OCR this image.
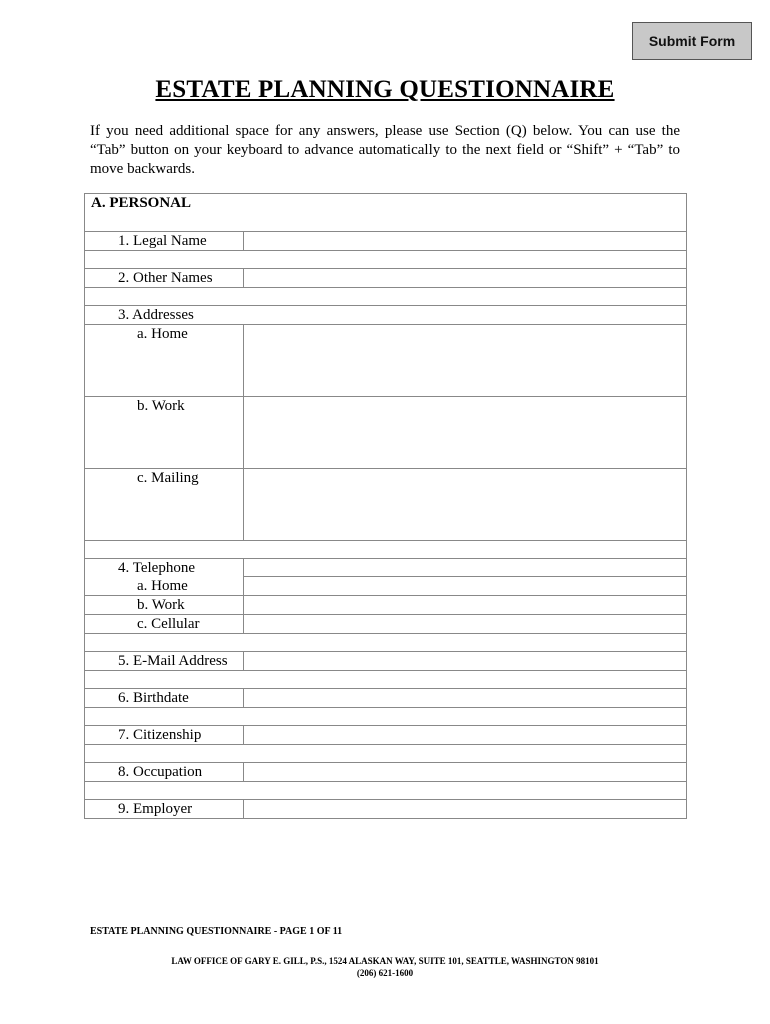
Submit Form
ESTATE PLANNING QUESTIONNAIRE

If you need additional space for any answers, please use Section (Q) below. You can use the “Tab” button on your keyboard to advance automatically to the next field or “Shift” + “Tab” to move backwards.

A. PERSONAL	
1. Legal Name	

2. Other Names	

3. Addresses	

a. Home	

b. Work	

c. Mailing	

4. Telephone
a. Home	

b. Work	

c. Cellular	

5. E-Mail Address	

6. Birthdate	

7. Citizenship	

8. Occupation	

9. Employer	

ESTATE PLANNING QUESTIONNAIRE - PAGE 1 OF 11

LAW OFFICE OF GARY E. GILL, P.S., 1524 ALASKAN WAY, SUITE 101, SEATTLE, WASHINGTON 98101
(206) 621-1600
